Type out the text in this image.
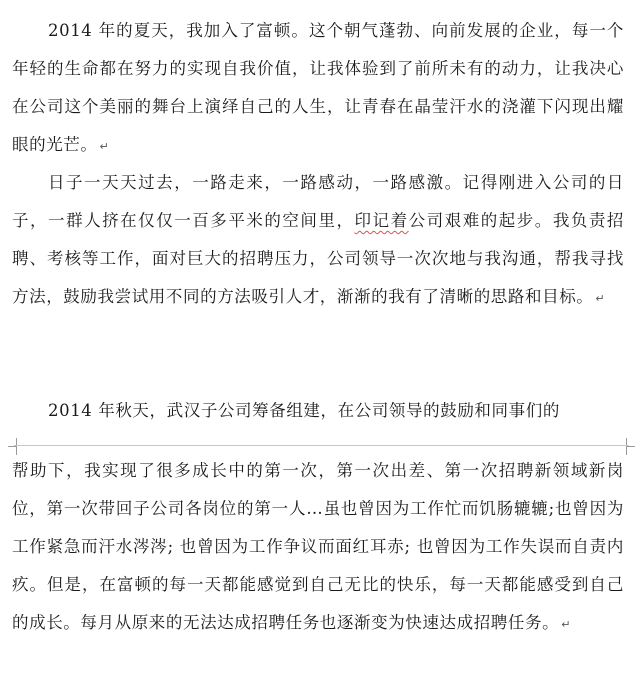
2014 年的夏天，我加入了富顿。这个朝气蓬勃、向前发展的企业，每一个年轻的生命都在努力的实现自我价值，让我体验到了前所未有的动力，让我决心在公司这个美丽的舞台上演绎自己的人生，让青春在晶莹汗水的浇灌下闪现出耀眼的光芒。 ↵

日子一天天过去，一路走来，一路感动，一路感激。记得刚进入公司的日子，一群人挤在仅仅一百多平米的空间里，印记着公司艰难的起步。我负责招聘、考核等工作，面对巨大的招聘压力，公司领导一次次地与我沟通，帮我寻找方法，鼓励我尝试用不同的方法吸引人才，渐渐的我有了清晰的思路和目标。 ↵

2014 年秋天，武汉子公司筹备组建，在公司领导的鼓励和同事们的

帮助下，我实现了很多成长中的第一次，第一次出差、第一次招聘新领域新岗位，第一次带回子公司各岗位的第一人…虽也曾因为工作忙而饥肠辘辘;也曾因为工作紧急而汗水涔涔; 也曾因为工作争议而面红耳赤; 也曾因为工作失误而自责内疚。但是，在富顿的每一天都能感觉到自己无比的快乐，每一天都能感受到自己的成长。每月从原来的无法达成招聘任务也逐渐变为快速达成招聘任务。 ↵
